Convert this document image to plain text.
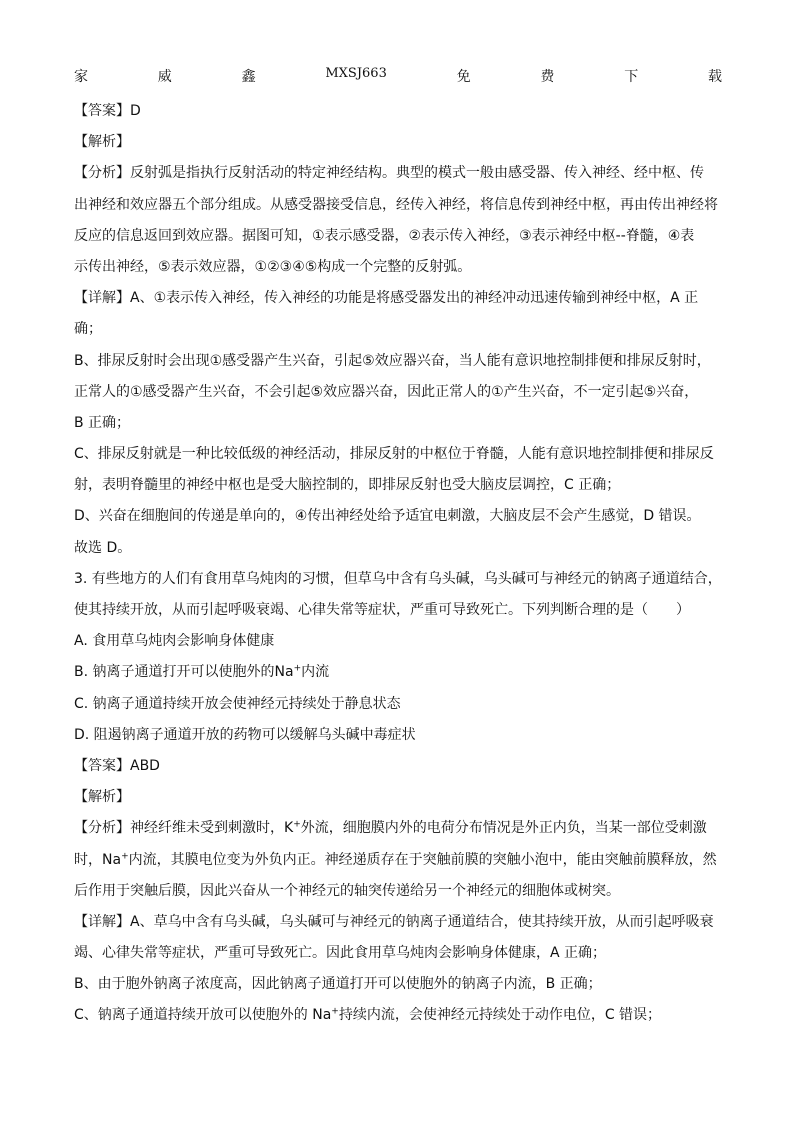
家	威	鑫	MXSJ663	免	费	下	载
【答案】D
【解析】
【分析】反射弧是指执行反射活动的特定神经结构。典型的模式一般由感受器、传入神经、经中枢、传
出神经和效应器五个部分组成。从感受器接受信息，经传入神经，将信息传到神经中枢，再由传出神经将
反应的信息返回到效应器。据图可知，①表示感受器，②表示传入神经，③表示神经中枢--脊髓，④表
示传出神经，⑤表示效应器，①②③④⑤构成一个完整的反射弧。
【详解】A、①表示传入神经，传入神经的功能是将感受器发出的神经冲动迅速传输到神经中枢，A 正
确；
B、排尿反射时会出现①感受器产生兴奋，引起⑤效应器兴奋，当人能有意识地控制排便和排尿反射时，
正常人的①感受器产生兴奋，不会引起⑤效应器兴奋，因此正常人的①产生兴奋，不一定引起⑤兴奋，
B 正确；
C、排尿反射就是一种比较低级的神经活动，排尿反射的中枢位于脊髓，人能有意识地控制排便和排尿反
射，表明脊髓里的神经中枢也是受大脑控制的，即排尿反射也受大脑皮层调控，C 正确；
D、兴奋在细胞间的传递是单向的，④传出神经处给予适宜电刺激，大脑皮层不会产生感觉，D 错误。
故选 D。
3. 有些地方的人们有食用草乌炖肉的习惯，但草乌中含有乌头碱，乌头碱可与神经元的钠离子通道结合，
使其持续开放，从而引起呼吸衰竭、心律失常等症状，严重可导致死亡。下列判断合理的是（　　）
A. 食用草乌炖肉会影响身体健康
B. 钠离子通道打开可以使胞外的Na+内流
C. 钠离子通道持续开放会使神经元持续处于静息状态
D. 阻遏钠离子通道开放的药物可以缓解乌头碱中毒症状
【答案】ABD
【解析】
【分析】神经纤维未受到刺激时，K+外流，细胞膜内外的电荷分布情况是外正内负，当某一部位受刺激
时，Na+内流，其膜电位变为外负内正。神经递质存在于突触前膜的突触小泡中，能由突触前膜释放，然
后作用于突触后膜，因此兴奋从一个神经元的轴突传递给另一个神经元的细胞体或树突。
【详解】A、草乌中含有乌头碱，乌头碱可与神经元的钠离子通道结合，使其持续开放，从而引起呼吸衰
竭、心律失常等症状，严重可导致死亡。因此食用草乌炖肉会影响身体健康，A 正确；
B、由于胞外钠离子浓度高，因此钠离子通道打开可以使胞外的钠离子内流，B 正确；
C、钠离子通道持续开放可以使胞外的 Na+持续内流，会使神经元持续处于动作电位，C 错误；
